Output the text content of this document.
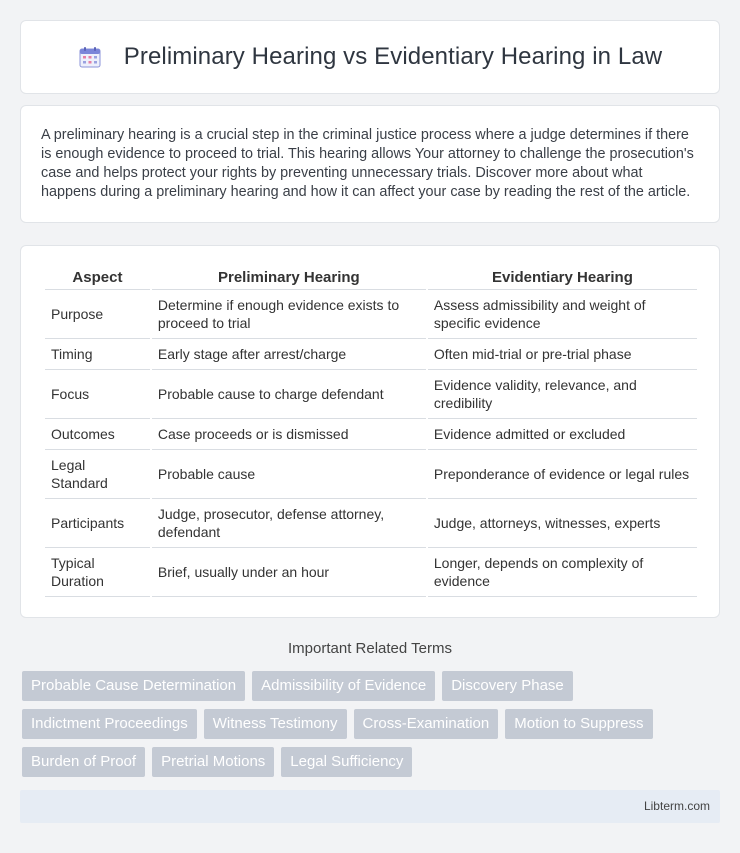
Preliminary Hearing vs Evidentiary Hearing in Law

A preliminary hearing is a crucial step in the criminal justice process where a judge determines if there is enough evidence to proceed to trial. This hearing allows Your attorney to challenge the prosecution's case and helps protect your rights by preventing unnecessary trials. Discover more about what happens during a preliminary hearing and how it can affect your case by reading the rest of the article.

Aspect	Preliminary Hearing	Evidentiary Hearing
Purpose	Determine if enough evidence exists to proceed to trial	Assess admissibility and weight of specific evidence
Timing	Early stage after arrest/charge	Often mid-trial or pre-trial phase
Focus	Probable cause to charge defendant	Evidence validity, relevance, and credibility
Outcomes	Case proceeds or is dismissed	Evidence admitted or excluded
Legal Standard	Probable cause	Preponderance of evidence or legal rules
Participants	Judge, prosecutor, defense attorney, defendant	Judge, attorneys, witnesses, experts
Typical Duration	Brief, usually under an hour	Longer, depends on complexity of evidence
Important Related Terms
Probable Cause Determination	Admissibility of Evidence	Discovery Phase
Indictment Proceedings	Witness Testimony	Cross-Examination	Motion to Suppress
Burden of Proof	Pretrial Motions	Legal Sufficiency
Libterm.com
